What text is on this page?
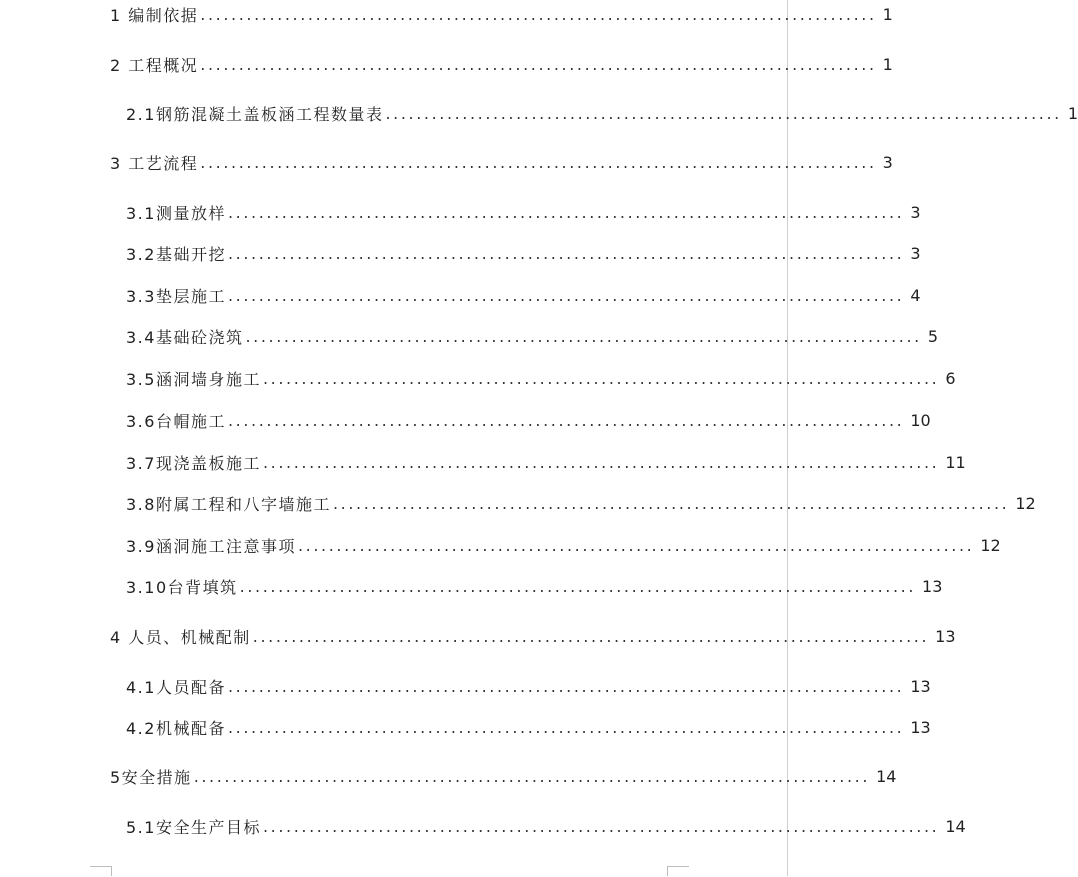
1 编制依据 ........................................................................................ 1
2 工程概况 ........................................................................................ 1
2.1钢筋混凝土盖板涵工程数量表 ........................................................................................ 1
3 工艺流程 ........................................................................................ 3
3.1测量放样 ........................................................................................ 3
3.2基础开挖 ........................................................................................ 3
3.3垫层施工 ........................................................................................ 4
3.4基础砼浇筑 ........................................................................................ 5
3.5涵洞墙身施工 ........................................................................................ 6
3.6台帽施工 ........................................................................................ 10
3.7现浇盖板施工 ........................................................................................ 11
3.8附属工程和八字墙施工 ........................................................................................ 12
3.9涵洞施工注意事项 ........................................................................................ 12
3.10台背填筑 ........................................................................................ 13
4 人员、机械配制 ........................................................................................ 13
4.1人员配备 ........................................................................................ 13
4.2机械配备 ........................................................................................ 13
5安全措施 ........................................................................................ 14
5.1安全生产目标 ........................................................................................ 14
